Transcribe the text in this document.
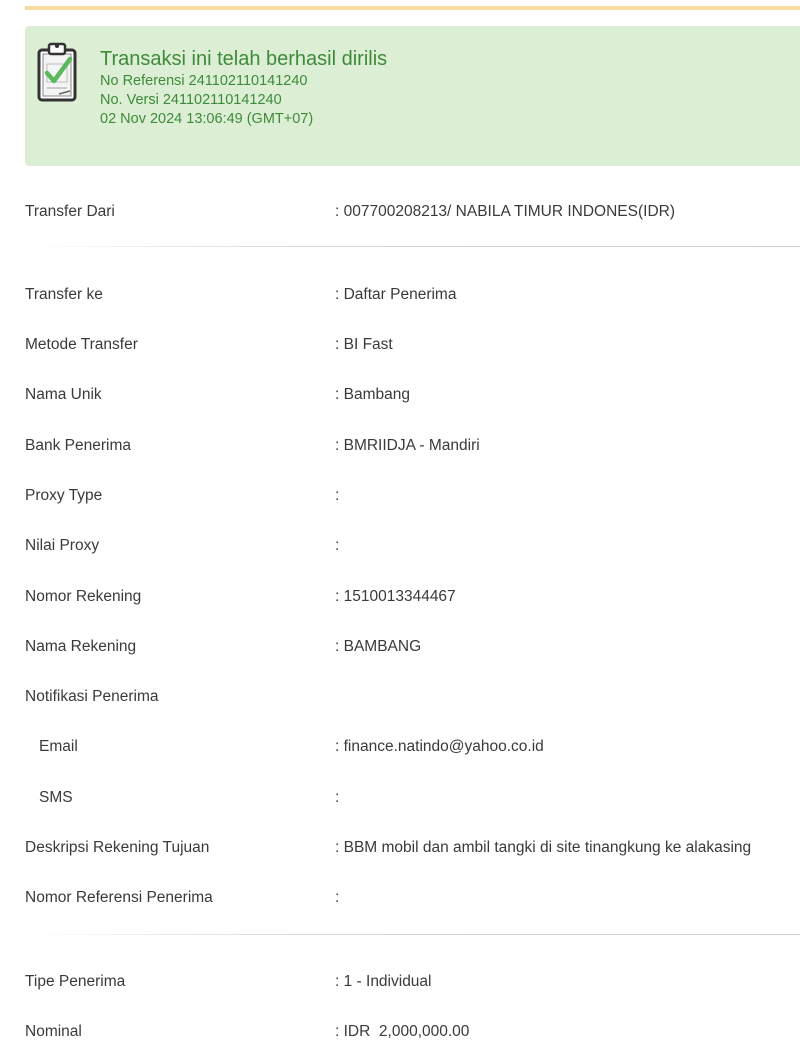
Transaksi ini telah berhasil dirilis
No Referensi 241102110141240
No. Versi 241102110141240
02 Nov 2024 13:06:49 (GMT+07)
Transfer Dari	: 007700208213/ NABILA TIMUR INDONES(IDR)
Transfer ke	: Daftar Penerima
Metode Transfer	: BI Fast
Nama Unik	: Bambang
Bank Penerima	: BMRIIDJA - Mandiri
Proxy Type	:
Nilai Proxy	:
Nomor Rekening	: 1510013344467
Nama Rekening	: BAMBANG
Notifikasi Penerima
Email	: finance.natindo@yahoo.co.id
SMS	:
Deskripsi Rekening Tujuan	: BBM mobil dan ambil tangki di site tinangkung ke alakasing
Nomor Referensi Penerima	:
Tipe Penerima	: 1 - Individual
Nominal	: IDR  2,000,000.00
